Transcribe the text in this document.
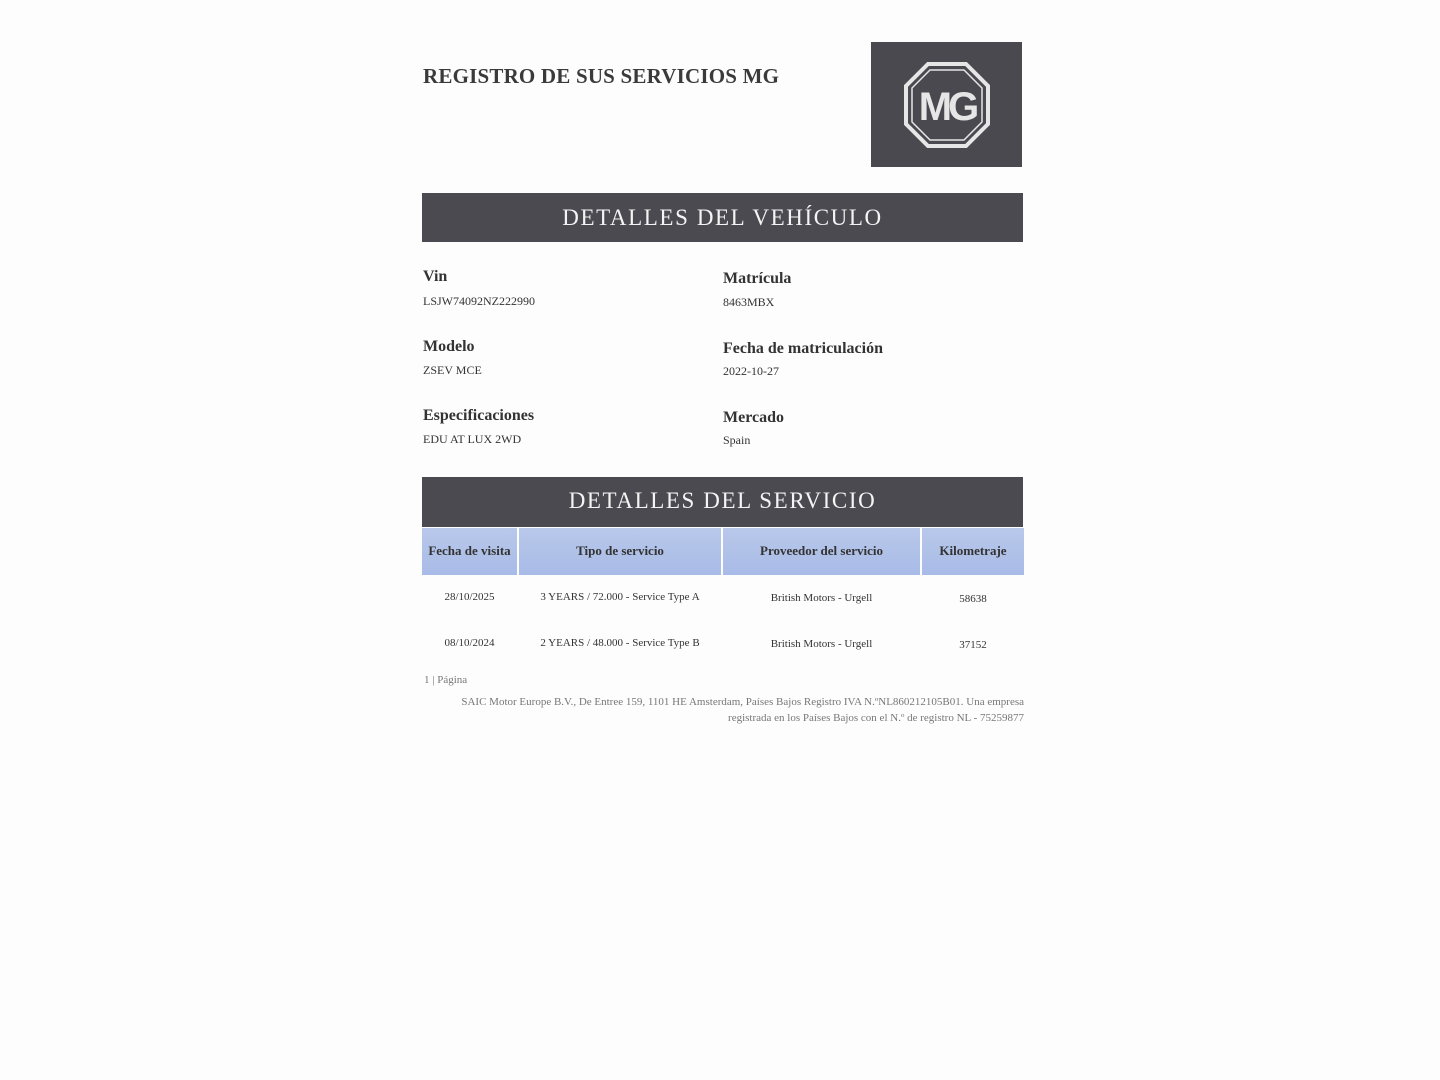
REGISTRO DE SUS SERVICIOS MG
MG
DETALLES DEL VEHÍCULO
Vin
LSJW74092NZ222990
Matrícula
8463MBX
Modelo
ZSEV MCE
Fecha de matriculación
2022-10-27
Especificaciones
EDU AT LUX 2WD
Mercado
Spain
DETALLES DEL SERVICIO
Fecha de visita	Tipo de servicio	Proveedor del servicio	Kilometraje
28/10/2025	3 YEARS / 72.000 - Service Type A	British Motors - Urgell	58638
08/10/2024	2 YEARS / 48.000 - Service Type B	British Motors - Urgell	37152
1 | Página
SAIC Motor Europe B.V., De Entree 159, 1101 HE Amsterdam, Países Bajos Registro IVA N.ºNL860212105B01. Una empresa
registrada en los Países Bajos con el N.º de registro NL - 75259877
